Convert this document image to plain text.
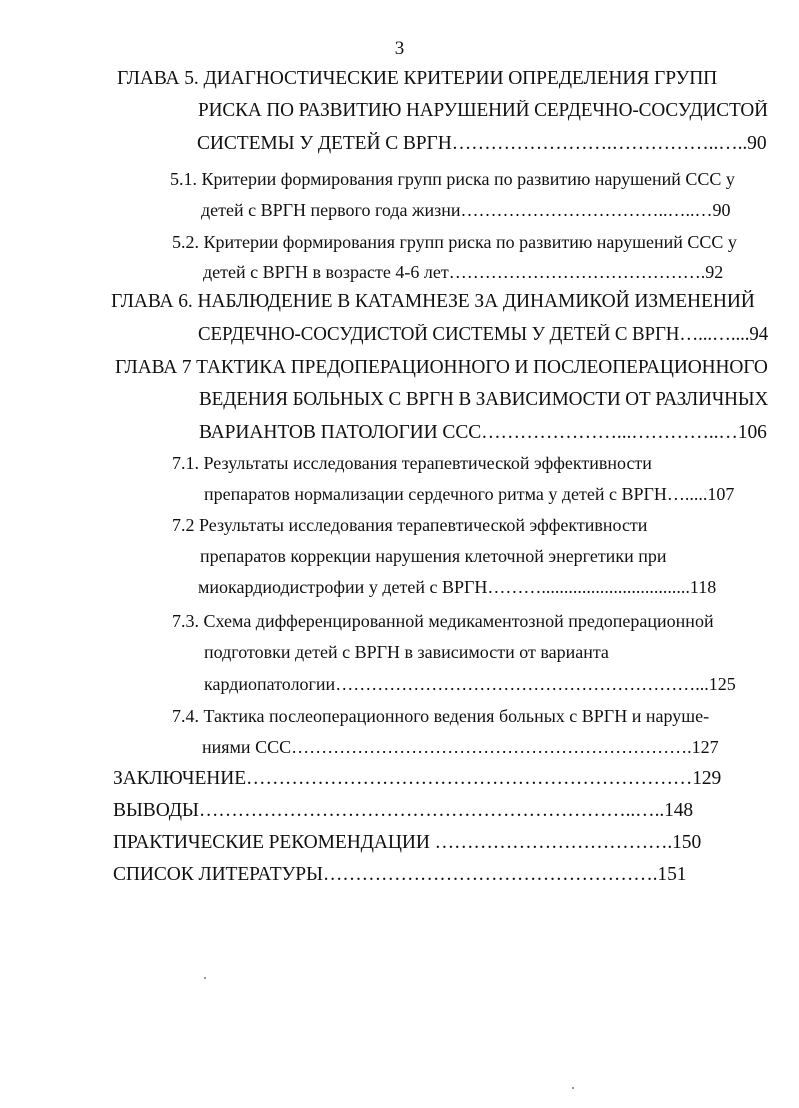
3
ГЛАВА 5. ДИАГНОСТИЧЕСКИЕ КРИТЕРИИ ОПРЕДЕЛЕНИЯ ГРУПП
РИСКА ПО РАЗВИТИЮ НАРУШЕНИЙ СЕРДЕЧНО-СОСУДИСТОЙ
СИСТЕМЫ У ДЕТЕЙ С ВРГН…………………….……………..…..90
5.1. Критерии формирования групп риска по развитию нарушений ССС у
детей с ВРГН первого года жизни……………………………..…..…90
5.2. Критерии формирования групп риска по развитию нарушений ССС у
детей с ВРГН в возрасте 4-6 лет…………………………………….92
ГЛАВА 6. НАБЛЮДЕНИЕ В КАТАМНЕЗЕ ЗА ДИНАМИКОЙ ИЗМЕНЕНИЙ
СЕРДЕЧНО-СОСУДИСТОЙ СИСТЕМЫ У ДЕТЕЙ С ВРГН…...…....94
ГЛАВА 7 ТАКТИКА ПРЕДОПЕРАЦИОННОГО И ПОСЛЕОПЕРАЦИОННОГО
ВЕДЕНИЯ БОЛЬНЫХ С ВРГН В ЗАВИСИМОСТИ ОТ РАЗЛИЧНЫХ
ВАРИАНТОВ ПАТОЛОГИИ ССС…………………...…………..…106
7.1. Результаты исследования терапевтической эффективности
препаратов нормализации сердечного ритма у детей с ВРГН….....107
7.2 Результаты исследования терапевтической эффективности
препаратов коррекции нарушения клеточной энергетики при
миокардиодистрофии у детей с ВРГН……….................................118
7.3. Схема дифференцированной медикаментозной предоперационной
подготовки детей с ВРГН в зависимости от варианта
кардиопатологии……………………………………………………...125
7.4. Тактика послеоперационного ведения больных с ВРГН и наруше-
ниями ССС………………………………………………………….127
ЗАКЛЮЧЕНИЕ……………………………………………………………129
ВЫВОДЫ…………………………………………………………..…..148
ПРАКТИЧЕСКИЕ РЕКОМЕНДАЦИИ ……………………………….150
СПИСОК ЛИТЕРАТУРЫ…………………………………………….151
